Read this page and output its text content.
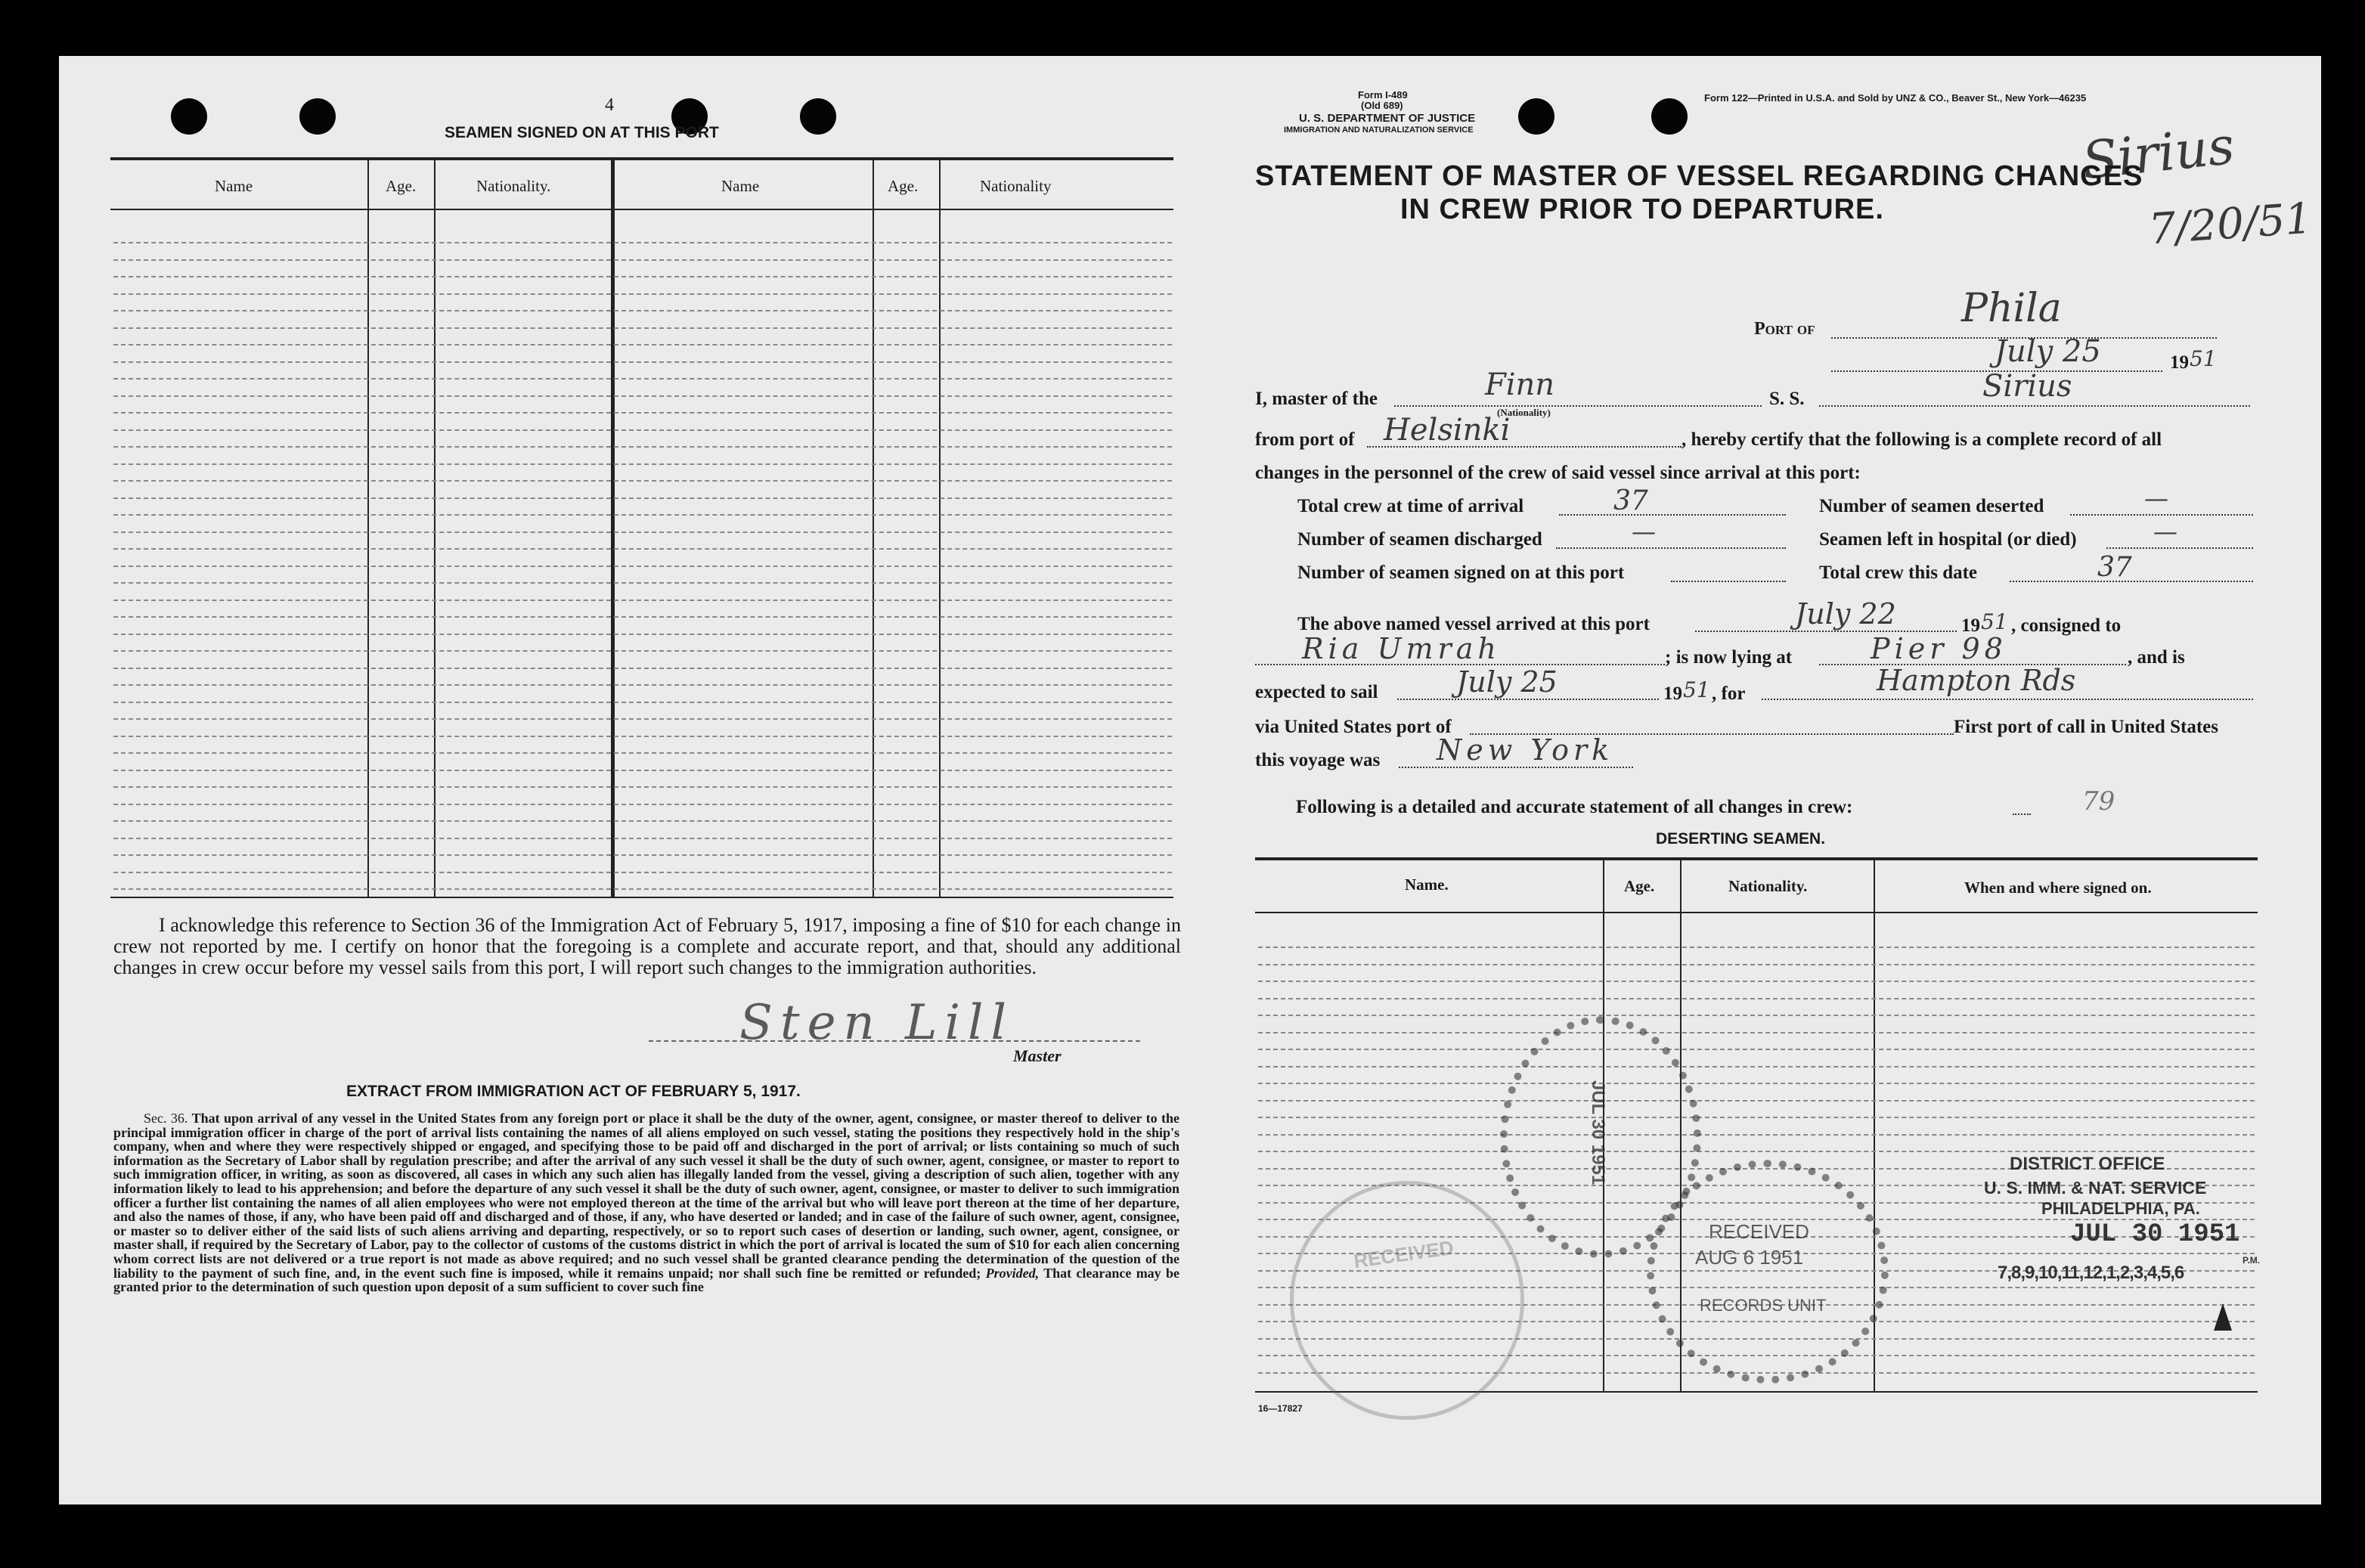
4
SEAMEN SIGNED ON AT THIS PORT
Name	Age.	Nationality.	Name	Age.	Nationality
I acknowledge this reference to Section 36 of the Immigration Act of February 5, 1917, imposing a fine of $10 for each change in crew not reported by me. I certify on honor that the foregoing is a complete and accurate report, and that, should any additional changes in crew occur before my vessel sails from this port, I will report such changes to the immigration authorities.
Sten Lill
Master
EXTRACT FROM IMMIGRATION ACT OF FEBRUARY 5, 1917.
Sec. 36. That upon arrival of any vessel in the United States from any foreign port or place it shall be the duty of the owner, agent, consignee, or master thereof to deliver to the principal immigration officer in charge of the port of arrival lists containing the names of all aliens employed on such vessel, stating the positions they respectively hold in the ship's company, when and where they were respectively shipped or engaged, and specifying those to be paid off and discharged in the port of arrival; or lists containing so much of such information as the Secretary of Labor shall by regulation prescribe; and after the arrival of any such vessel it shall be the duty of such owner, agent, consignee, or master to report to such immigration officer, in writing, as soon as discovered, all cases in which any such alien has illegally landed from the vessel, giving a description of such alien, together with any information likely to lead to his apprehension; and before the departure of any such vessel it shall be the duty of such owner, agent, consignee, or master to deliver to such immigration officer a further list containing the names of all alien employees who were not employed thereon at the time of the arrival but who will leave port thereon at the time of her departure, and also the names of those, if any, who have been paid off and discharged and of those, if any, who have deserted or landed; and in case of the failure of such owner, agent, consignee, or master so to deliver either of the said lists of such aliens arriving and departing, respectively, or so to report such cases of desertion or landing, such owner, agent, consignee, or master shall, if required by the Secretary of Labor, pay to the collector of customs of the customs district in which the port of arrival is located the sum of $10 for each alien concerning whom correct lists are not delivered or a true report is not made as above required; and no such vessel shall be granted clearance pending the determination of the question of the liability to the payment of such fine, and, in the event such fine is imposed, while it remains unpaid; nor shall such fine be remitted or refunded; Provided, That clearance may be granted prior to the determination of such question upon deposit of a sum sufficient to cover such fine
Form I-489
(Old 689)
U. S. DEPARTMENT OF JUSTICE
IMMIGRATION AND NATURALIZATION SERVICE
Form 122—Printed in U.S.A. and Sold by UNZ & CO., Beaver St., New York—46235
Sirius
7/20/51
STATEMENT OF MASTER OF VESSEL REGARDING CHANGES
IN CREW PRIOR TO DEPARTURE.
Port of	Phila
July 25	19 51
I, master of the	Finn
(Nationality)
S. S.	Sirius
from port of Helsinki	, hereby certify that the following is a complete record of all
changes in the personnel of the crew of said vessel since arrival at this port:
Total crew at time of arrival	37	Number of seamen deserted	—
Number of seamen discharged	—	Seamen left in hospital (or died)	—
Number of seamen signed on at this port	Total crew this date	37
The above named vessel arrived at this port	July 22	19 51 , consigned to
Ria Umrah	; is now lying at	Pier 98	, and is
expected to sail	July 25	19 51 , for	Hampton Rds
via United States port of	First port of call in United States
this voyage was New York
Following is a detailed and accurate statement of all changes in crew:	79
DESERTING SEAMEN.
Name.	Age.	Nationality.	When and where signed on.
16—17827
RECEIVED
JUL 30 1951
RECEIVED
AUG 6 1951
RECORDS UNIT
DISTRICT OFFICE
U. S. IMM. & NAT. SERVICE
PHILADELPHIA, PA.
JUL 30 1951
7,8,9,10,11,12,1,2,3,4,5,6
P.M.
